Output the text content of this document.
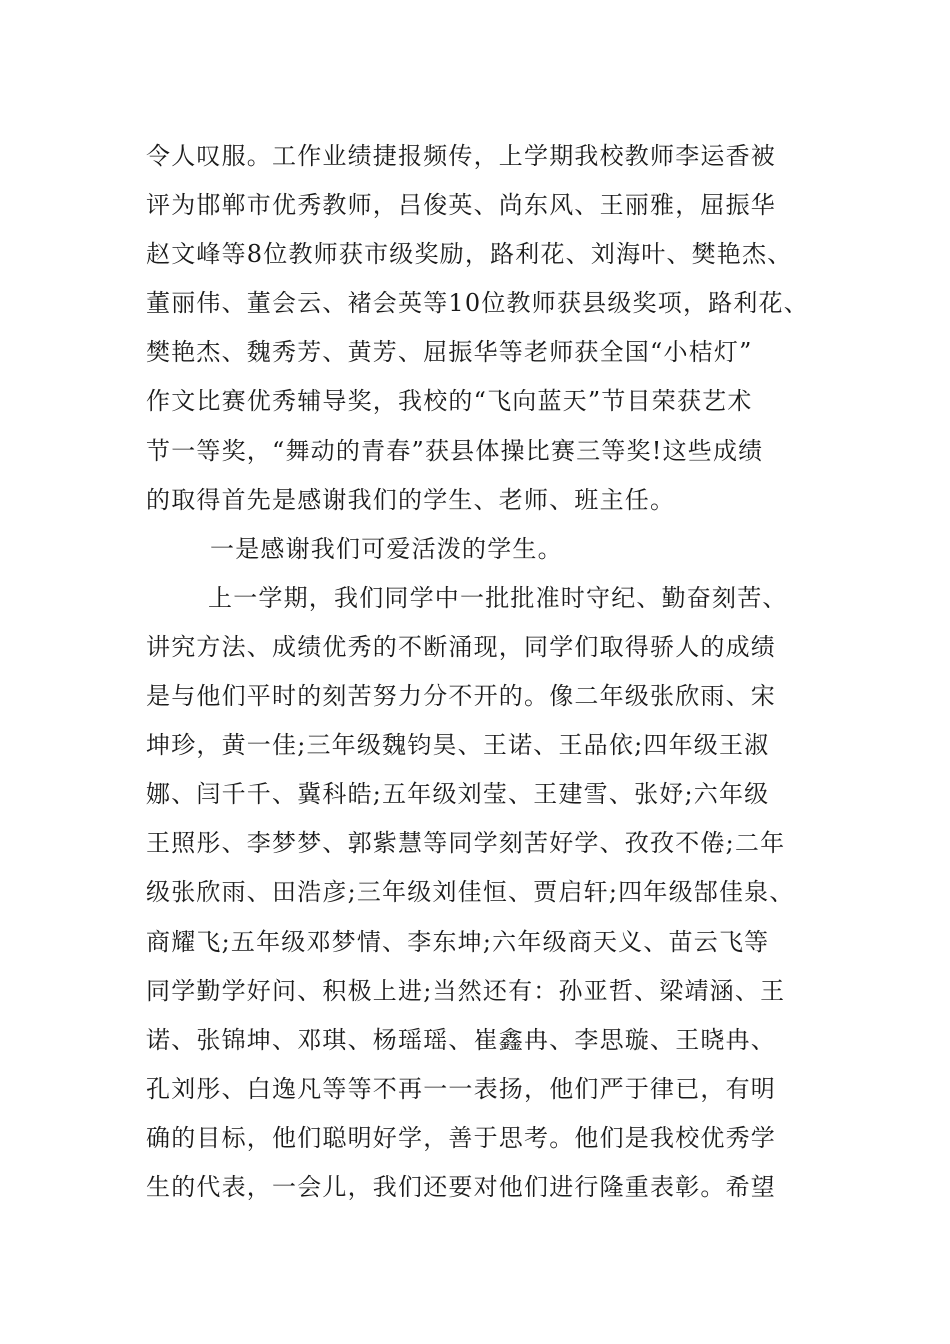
令人叹服。工作业绩捷报频传，上学期我校教师李运香被
评为邯郸市优秀教师，吕俊英、尚东风、王丽雅，屈振华
赵文峰等8位教师获市级奖励，路利花、刘海叶、樊艳杰、
董丽伟、董会云、褚会英等10位教师获县级奖项，路利花、
樊艳杰、魏秀芳、黄芳、屈振华等老师获全国“小桔灯”
作文比赛优秀辅导奖，我校的“飞向蓝天”节目荣获艺术
节一等奖，“舞动的青春”获县体操比赛三等奖!这些成绩
的取得首先是感谢我们的学生、老师、班主任。
一是感谢我们可爱活泼的学生。
上一学期，我们同学中一批批准时守纪、勤奋刻苦、
讲究方法、成绩优秀的不断涌现，同学们取得骄人的成绩
是与他们平时的刻苦努力分不开的。像二年级张欣雨、宋
坤珍，黄一佳;三年级魏钧昊、王诺、王品依;四年级王淑
娜、闫千千、冀科皓;五年级刘莹、王建雪、张妤;六年级
王照彤、李梦梦、郭紫慧等同学刻苦好学、孜孜不倦;二年
级张欣雨、田浩彦;三年级刘佳恒、贾启轩;四年级郜佳泉、
商耀飞;五年级邓梦情、李东坤;六年级商天义、苗云飞等
同学勤学好问、积极上进;当然还有：孙亚哲、梁靖涵、王
诺、张锦坤、邓琪、杨瑶瑶、崔鑫冉、李思璇、王晓冉、
孔刘彤、白逸凡等等不再一一表扬，他们严于律已，有明
确的目标，他们聪明好学，善于思考。他们是我校优秀学
生的代表，一会儿，我们还要对他们进行隆重表彰。希望
